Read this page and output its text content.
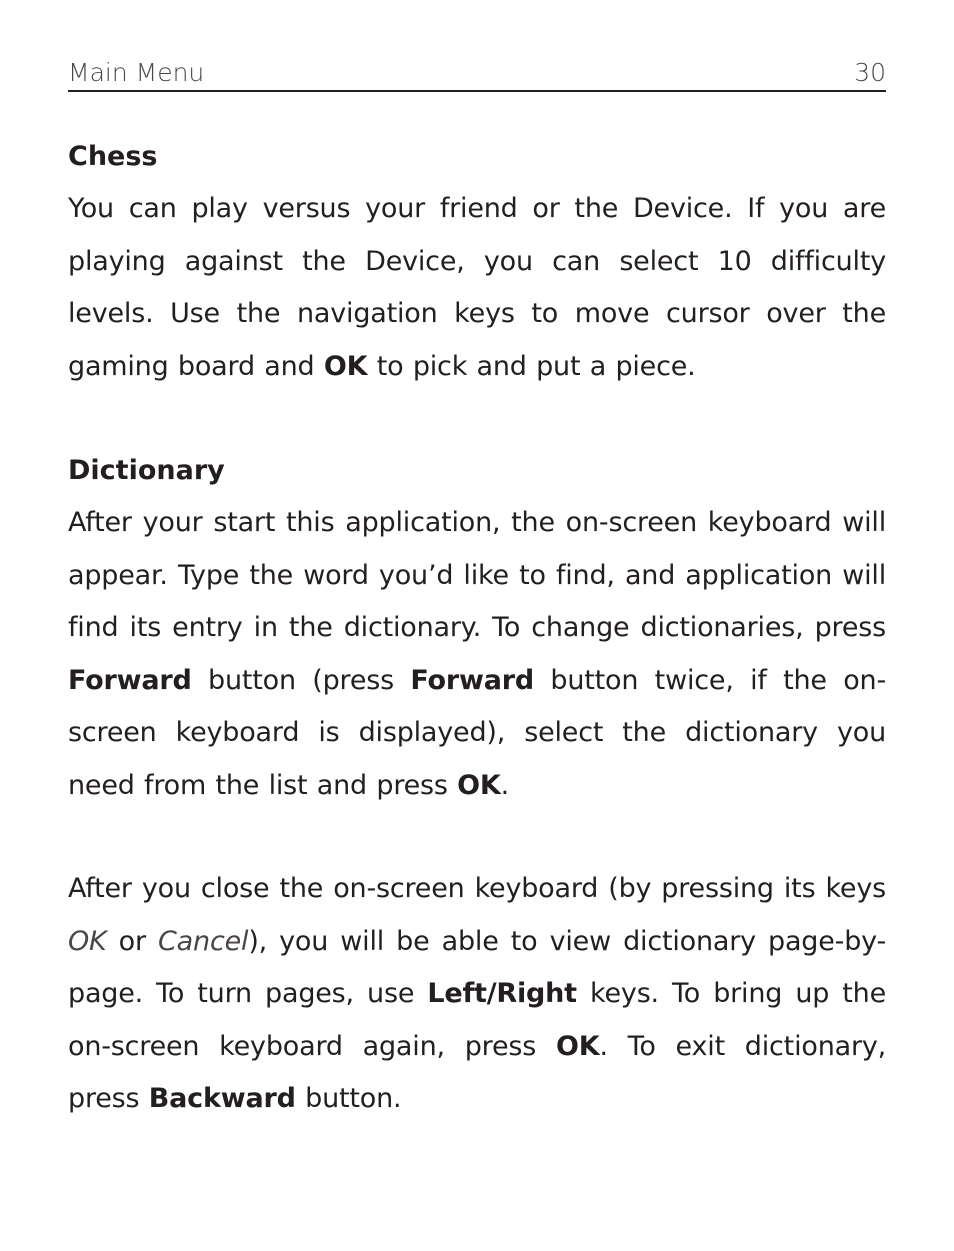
Main Menu	30
Chess

You can play versus your friend or the Device. If you are playing against the Device, you can select 10 difficulty levels. Use the navigation keys to move cursor over the gaming board and OK to pick and put a piece.

Dictionary

After your start this application, the on-screen keyboard will appear. Type the word you’d like to find, and application will find its entry in the dictionary. To change dictionaries, press Forward button (press Forward button twice, if the on-screen keyboard is displayed), select the dictionary you need from the list and press OK.

After you close the on-screen keyboard (by pressing its keys OK or Cancel), you will be able to view dictionary page-by-page. To turn pages, use Left/Right keys. To bring up the on-screen keyboard again, press OK. To exit dictionary, press Backward button.
